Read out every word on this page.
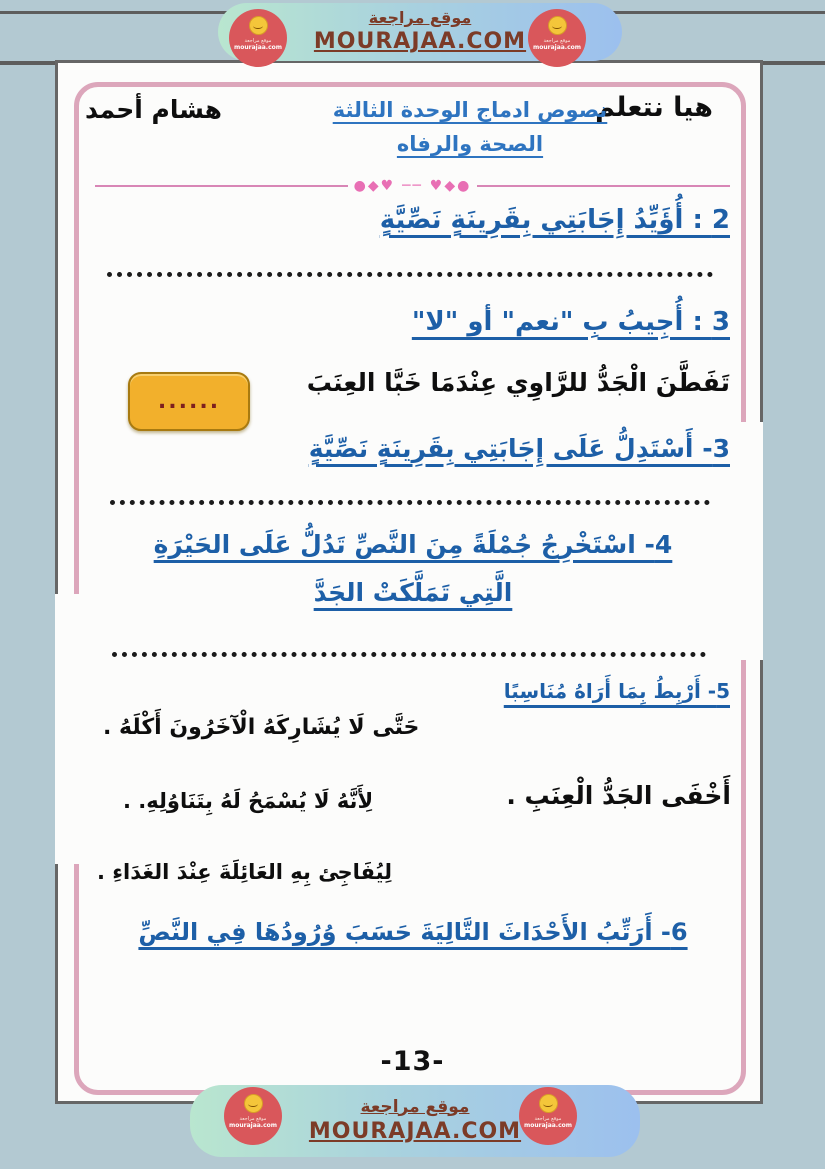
هيا نتعلم
نصوص ادماج الوحدة الثالثة
الصحة والرفاه
هشام أحمد
●◆♥ ── ♥◆●
2 : أُؤَيِّدُ إِجَابَتِي بِقَرِينَةٍ نَصِّيَّةٍ
3 : أُجِيبُ بِ "نعم" أو "لا"
تَفَطَّنَ الْجَدُّ للرَّاوِي عِنْدَمَا خَبَّا العِنَبَ
......
3- أَسْتَدِلُّ عَلَى إِجَابَتِي بِقَرِينَةٍ نَصِّيَّةٍ
4- اسْتَخْرِجُ جُمْلَةً مِنَ النَّصِّ تَدُلُّ عَلَى الحَيْرَةِ
الَّتِي تَمَلَّكَتْ الجَدَّ
5- أَرْبِطُ بِمَا أَرَاهُ مُنَاسِبًا
حَتَّى لَا يُشَارِكَهُ الْآخَرُونَ أَكْلَهُ .
أَخْفَى الجَدُّ الْعِنَبِ .
لِأَنَّهُ لَا يُسْمَحُ لَهُ بِتَنَاوُلِهِ. .
لِيُفَاجِئ بِهِ العَائِلَةَ عِنْدَ الغَدَاءِ .
6- أَرَتِّبُ الأَحْدَاثَ التَّالِيَةَ حَسَبَ وُرُودُهَا فِي النَّصِّ
-13-
موقع مراجعة
MOURAJAA.COM
موقع مراجعة
mourajaa.com
موقع مراجعة
mourajaa.com
موقع مراجعة
MOURAJAA.COM
موقع مراجعة
mourajaa.com
موقع مراجعة
mourajaa.com
